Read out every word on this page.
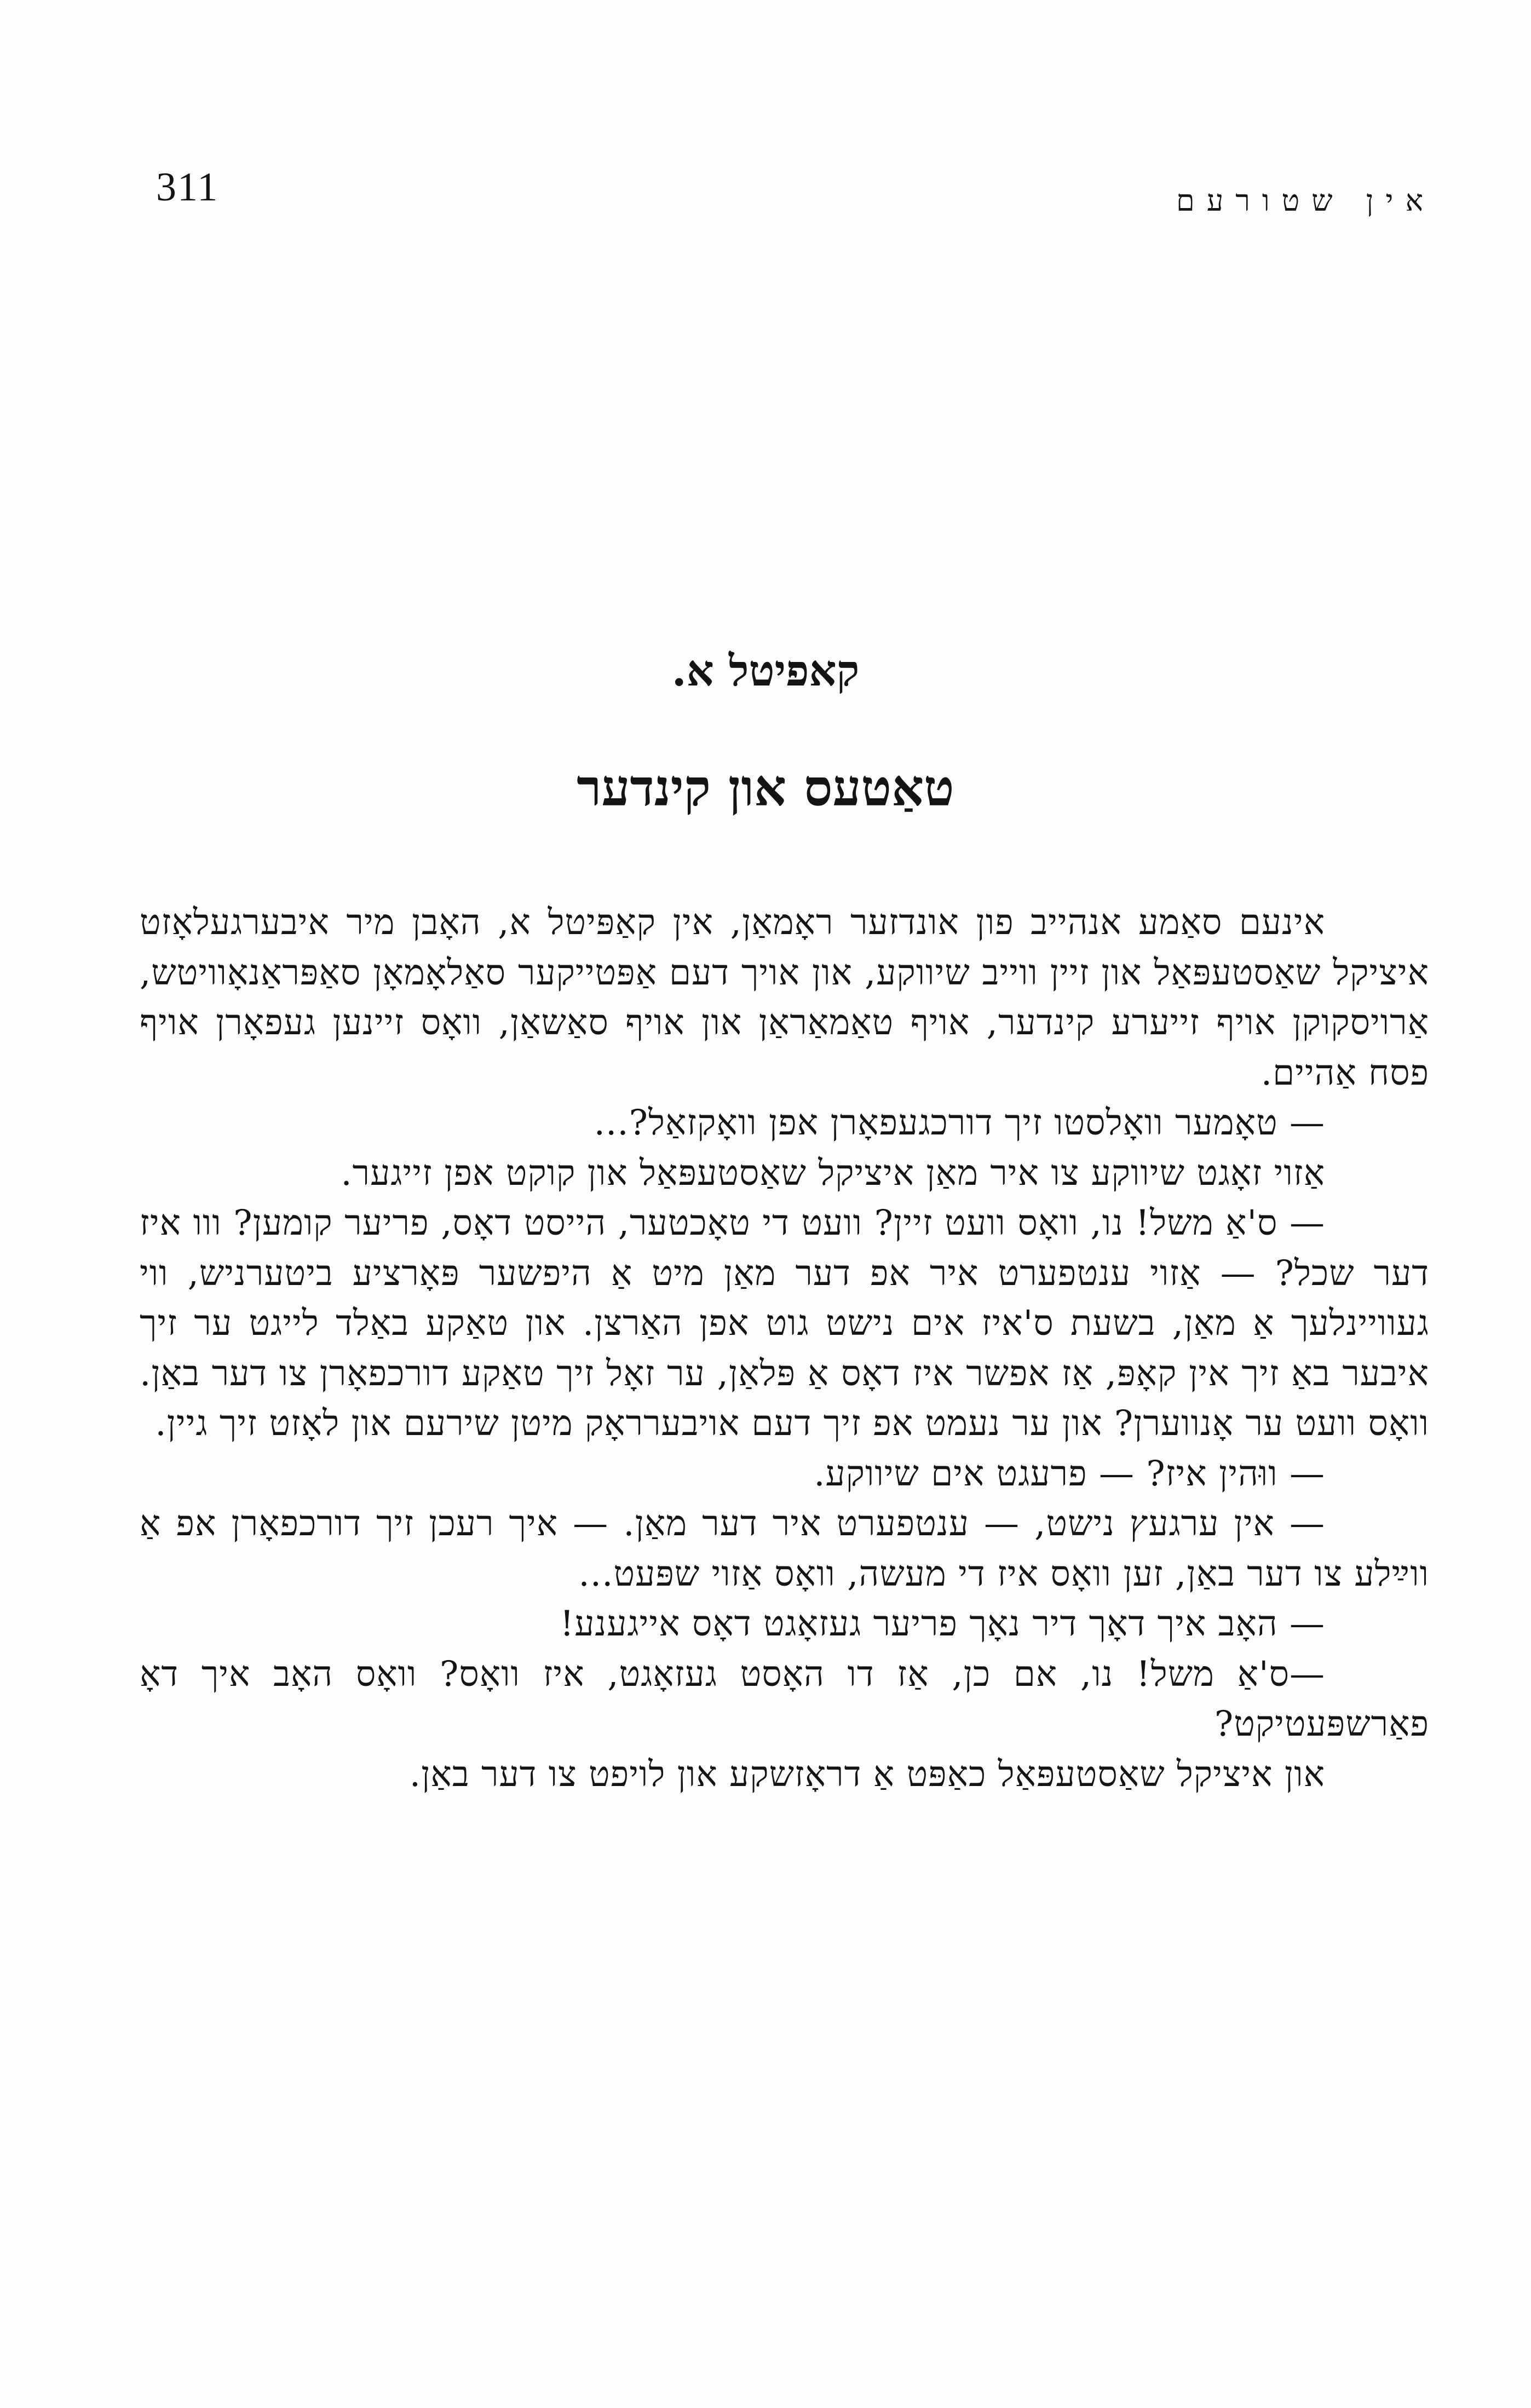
311	אין שטורעם
קאפיטל א.
טאַטעס און קינדער

אינעם סאַמע אנהייב פון אונדזער ראָמאַן, אין קאַפּיטל א, האָבן מיר איבערגעלאָזט איציקל שאַסטעפּאַל און זיין ווייב שיווקע, און אויך דעם אַפּטייקער סאַלאָמאָן סאַפּראַנאָוויטש, אַרויסקוקן אויף זייערע קינדער, אויף טאַמאַראַן און אויף סאַשאַן, וואָס זיינען געפאָרן אויף פסח אַהיים.

— טאָמער וואָלסטו זיך דורכגעפאָרן אפן וואָקזאַל?...

אַזוי זאָגט שיווקע צו איר מאַן איציקל שאַסטעפּאַל און קוקט אפן זייגער.

— ס'אַ משל! נו, וואָס וועט זיין? וועט די טאָכטער, הייסט דאָס, פריער קומען? ווו איז דער שכל? — אַזוי ענטפערט איר אפ דער מאַן מיט אַ היפשער פּאָרציע ביטערניש, ווי געוויינלעך אַ מאַן, בשעת ס'איז אים נישט גוט אפן האַרצן. און טאַקע באַלד לייגט ער זיך איבער באַ זיך אין קאָפּ, אַז אפשר איז דאָס אַ פּלאַן, ער זאָל זיך טאַקע דורכפאָרן צו דער באַן. וואָס וועט ער אָנווערן? און ער נעמט אפ זיך דעם אויבערראָק מיטן שירעם און לאָזט זיך גיין.

— ווּהין איז? — פרעגט אים שיווקע.

— אין ערגעץ נישט, — ענטפערט איר דער מאַן. — איך רעכן זיך דורכפאָרן אפ אַ ווײַלע צו דער באַן, זען וואָס איז די מעשה, וואָס אַזוי שפּעט...

— האָב איך דאָך דיר נאָך פריער געזאָגט דאָס אייגענע!

—ס'אַ משל! נו, אם כן, אַז דו האָסט געזאָגט, איז וואָס? וואָס האָב איך דאָ פאַרשפּעטיקט?

און איציקל שאַסטעפּאַל כאַפּט אַ דראָזשקע און לויפט צו דער באַן.
